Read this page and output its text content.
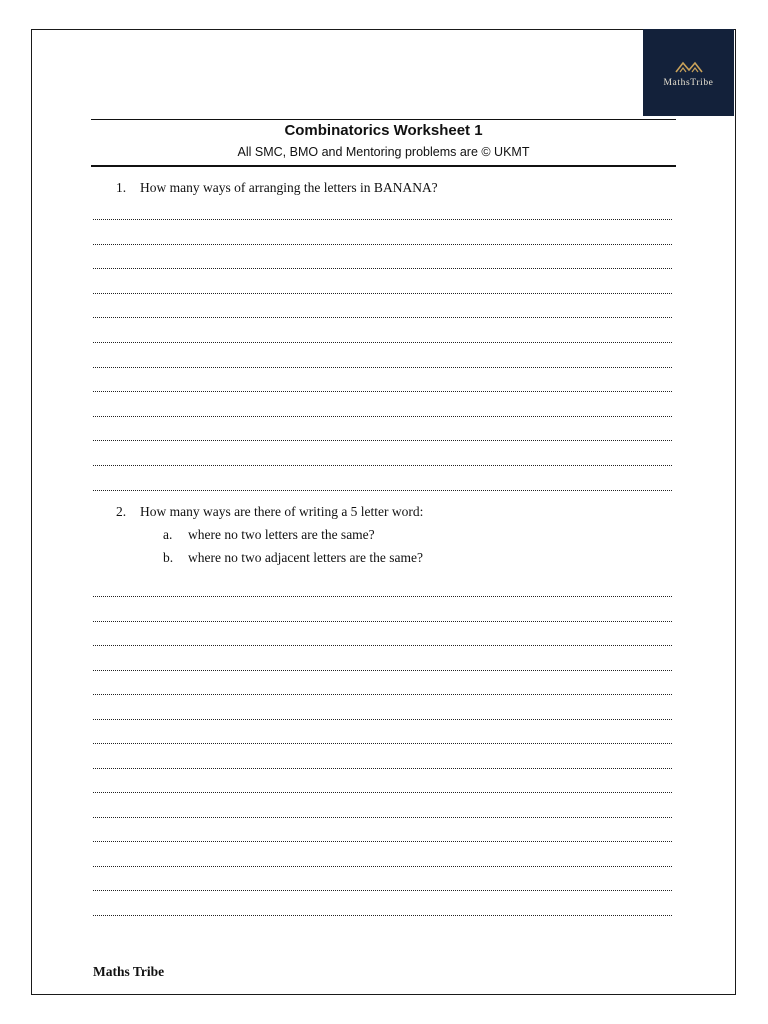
MathsTribe
Combinatorics Worksheet 1
All SMC, BMO and Mentoring problems are © UKMT
1.	How many ways of arranging the letters in BANANA?
2.	How many ways are there of writing a 5 letter word:
a.	where no two letters are the same?
b.	where no two adjacent letters are the same?
Maths Tribe
